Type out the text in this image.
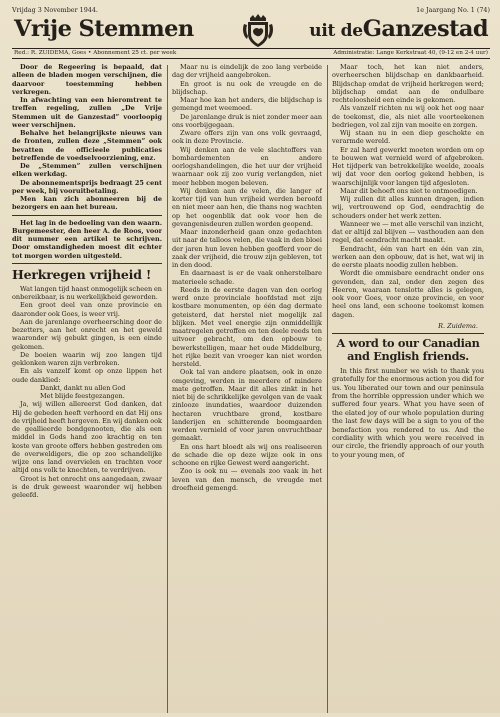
Vrijdag 3 November 1944.	1e Jaargang No. 1 (74)
Vrije Stemmen	uit deGanzestad
Red.: R. ZUIDEMA, Goes • Abonnement 25 ct. per week	Administratie: Lange Kerkstraat 40, (9-12 en 2-4 uur)

Door de Regeering is bepaald, dat alleen de bladen mogen verschijnen, die daarvoor toestemming hebben verkregen.

In afwachting van een hieromtrent te treffen regeling, zullen „De Vrije Stemmen uit de Ganzestad” voorloopig weer verschijnen.

Behalve het belangrijkste nieuws van de fronten, zullen deze „Stemmen” ook bevatten de officieele publicaties betreffende de voedselvoorziening, enz.

De „Stemmen” zullen verschijnen elken werkdag.

De abonnementsprijs bedraagt 25 cent per week, bij vooruitbetaling.

Men kan zich abonneeren bij de bezorgers en aan het bureau.

Het lag in de bedoeling van den waarn. Burgemeester, den heer A. de Roos, voor dit nummer een artikel te schrijven. Door omstandigheden moest dit echter tot morgen worden uitgesteld.

Herkregen vrijheid !

Wat langen tijd haast onmogelijk scheen en onbereikbaar, is nu werkelijkheid geworden.

Een groot deel van onze provincie en daaronder ook Goes, is weer vrij.

Aan de jarenlange overheersching door de bezetters, aan het onrecht en het geweld waaronder wij gebukt gingen, is een einde gekomen.

De boeien waarin wij zoo langen tijd geklonken waren zijn verbroken.

En als vanzelf komt op onze lippen het oude danklied:

Dankt, dankt nu allen God

Met blijde feestgezangen.

Ja, wij willen allereerst God danken, dat Hij de gebeden heeft verhoord en dat Hij ons de vrijheid heeft hergeven. En wij danken ook de geallieerde bondgenooten, die als een middel in Gods hand zoo krachtig en ten koste van groote offers hebben gestreden om de overweldigers, die op zoo schandelijke wijze ons land overvielen en trachten voor altijd ons volk te knechten, te verdrijven.

Groot is het onrecht ons aangedaan, zwaar is de druk geweest waaronder wij hebben geleefd.

Maar nu is eindelijk de zoo lang verbeide dag der vrijheid aangebroken.

En groot is nu ook de vreugde en de blijdschap.

Maar hoe kan het anders, die blijdschap is gemengd met weemoed.

De jarenlange druk is niet zonder meer aan ons voorbijgegaan.

Zware offers zijn van ons volk gevraagd, ook in deze Provincie.

Wij denken aan de vele slachtoffers van bombardementen en andere oorlogshandelingen, die het uur der vrijheid waarnaar ook zij zoo vurig verlangden, niet meer hebben mogen beleven.

Wij denken aan de velen, die langer of korter tijd van hun vrijheid werden beroofd en niet meer aan hen, die thans nog wachten op het oogenblik dat ook voor hen de gevangenisdeuren zullen worden geopend.

Maar inzonderheid gaan onze gedachten uit naar de talloos velen, die vaak in den bloei der jaren hun leven hebben geofferd voor de zaak der vrijheid, die trouw zijn gebleven, tot in den dood.

En daarnaast is er de vaak onherstelbare materieele schade.

Reeds in de eerste dagen van den oorlog werd onze provinciale hoofdstad met zijn kostbare monumenten, op één dag dermate geteisterd, dat herstel niet mogelijk zal blijken. Met veel energie zijn onmiddellijk maatregelen getroffen en ten deele reeds ten uitvoer gebracht, om den opbouw te bewerkstelligen, maar het oude Middelburg, het rijke bezit van vroeger kan niet worden hersteld.

Ook tal van andere plaatsen, ook in onze omgeving, werden in meerdere of mindere mate getroffen. Maar dit alles zinkt in het niet bij de schrikkelijke gevolgen van de vaak zinlooze inundaties, waardoor duizenden hectaren vruchtbare grond, kostbare landerijen en schitterende boomgaarden werden vernield of voor jaren onvruchtbaar gemaakt.

En ons hart bloedt als wij ons realiseeren de schade die op deze wijze ook in ons schoone en rijke Gewest werd aangericht.

Zoo is ook nu — evenals zoo vaak in het leven van den mensch, de vreugde met droefheid gemengd.

Maar toch, het kan niet anders, overheerschen blijdschap en dankbaarheid. Blijdschap omdat de vrijheid herkregen werd; blijdschap omdat aan de ondulbare rechteloosheid een einde is gekomen.

Als vanzelf richten nu wij ook het oog naar de toekomst, die, als niet alle voorteekenen bedriegen, vol zal zijn van moeite en zorgen.

Wij staan nu in een diep geschokte en verarmde wereld.

Er zal hard gewerkt moeten worden om op te bouwen wat vernield werd of afgebroken. Het tijdperk van betrekkelijke weelde, zooals wij dat voor den oorlog gekend hebben, is waarschijnlijk voor langen tijd afgesloten.

Maar dit behoeft ons niet te ontmoedigen.

Wij zullen dit alles kunnen dragen, indien wij, vertrouwend op God, eendrachtig de schouders onder het werk zetten.

Wanneer we — met alle verschil van inzicht, dat er altijd zal blijven — vasthouden aan den regel, dat eendracht macht maakt.

Eendracht, één van hart en één van zin, werken aan den opbouw, dat is het, wat wij in de eerste plaats noodig zullen hebben.

Wordt die ommisbare eendracht onder ons gevonden, dan zal, onder den zegen des Heeren, waaraan tenslotte alles is gelegen, ook voor Goes, voor onze provincie, en voor heel ons land, een schoone toekomst komen dagen.

R. Zuidema.
A word to our Canadian and English friends.

In this first number we wish to thank you gratefully for the enormous action you did for us. You liberated our town and our peninsula from the horrible oppression under which we suffered four years. What you have seen of the elated joy of our whole population during the last few days will be a sign to you of the benefaction you rendered to us. And the cordiality with which you were received in our circle, the friendly approach of our youth to your young men, of
